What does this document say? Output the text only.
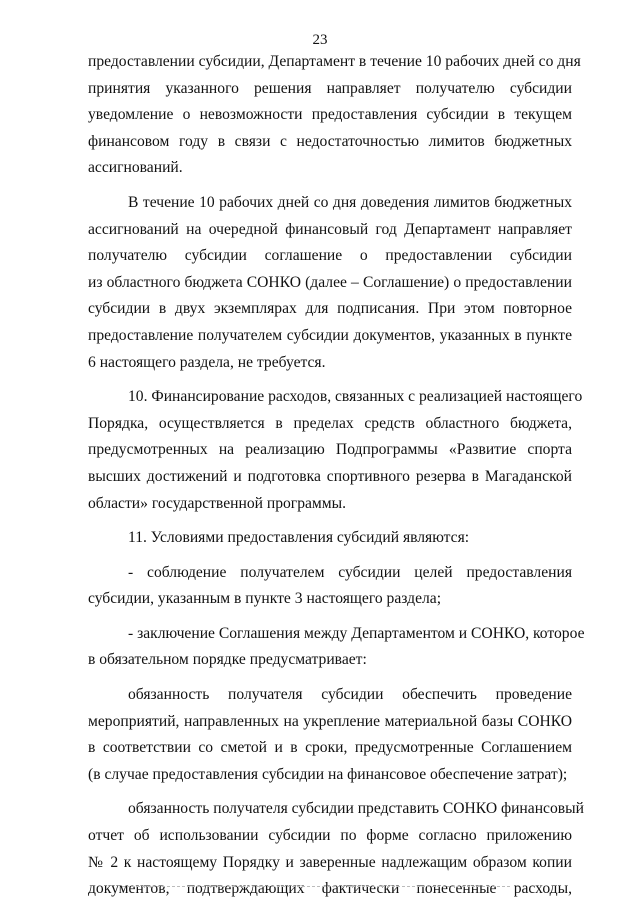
23

предоставлении субсидии, Департамент в течение 10 рабочих дней со дня
принятия указанного решения направляет получателю субсидии
уведомление о невозможности предоставления субсидии в текущем
финансовом году в связи с недостаточностью лимитов бюджетных
ассигнований.

В течение 10 рабочих дней со дня доведения лимитов бюджетных
ассигнований на очередной финансовый год Департамент направляет
получателю субсидии соглашение о предоставлении субсидии
из областного бюджета СОНКО (далее – Соглашение) о предоставлении
субсидии в двух экземплярах для подписания. При этом повторное
предоставление получателем субсидии документов, указанных в пункте
6 настоящего раздела, не требуется.

10. Финансирование расходов, связанных с реализацией настоящего
Порядка, осуществляется в пределах средств областного бюджета,
предусмотренных на реализацию Подпрограммы «Развитие спорта
высших достижений и подготовка спортивного резерва в Магаданской
области» государственной программы.

11. Условиями предоставления субсидий являются:

- соблюдение получателем субсидии целей предоставления
субсидии, указанным в пункте 3 настоящего раздела;

- заключение Соглашения между Департаментом и СОНКО, которое
в обязательном порядке предусматривает:

обязанность получателя субсидии обеспечить проведение
мероприятий, направленных на укрепление материальной базы СОНКО
в соответствии со сметой и в сроки, предусмотренные Соглашением
(в случае предоставления субсидии на финансовое обеспечение затрат);

обязанность получателя субсидии представить СОНКО финансовый
отчет об использовании субсидии по форме согласно приложению
№ 2 к настоящему Порядку и заверенные надлежащим образом копии
документов, подтверждающих фактически понесенные расходы,
